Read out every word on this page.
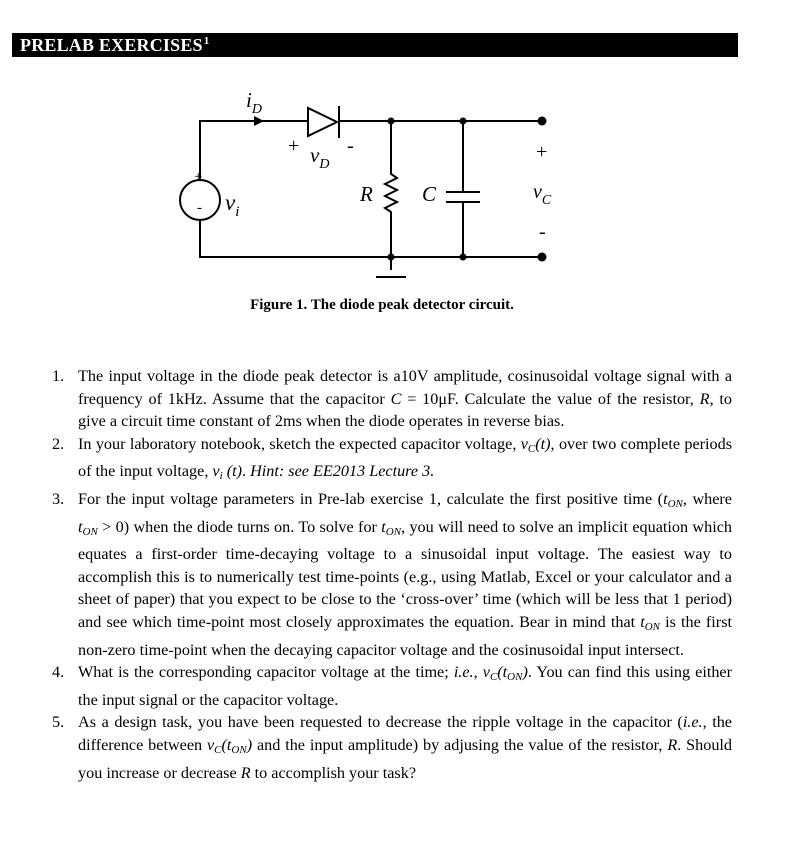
PRELAB EXERCISES$^1$
$i_D$
+ $v_D$
-
+
- $v_i$
R C
+
$v_C$
-
Figure 1. The diode peak detector circuit.
1. The input voltage in the diode peak detector is a10V amplitude, cosinusoidal voltage signal with a frequency of 1kHz. Assume that the capacitor C = 10μF. Calculate the value of the resistor, R, to give a circuit time constant of 2ms when the diode operates in reverse bias.
2. In your laboratory notebook, sketch the expected capacitor voltage, $v_C(t)$, over two complete periods of the input voltage, $v_i$ (t). Hint: see EE2013 Lecture 3.
3. For the input voltage parameters in Pre-lab exercise 1, calculate the first positive time ($t_{ON}$, where $t_{ON} > 0$) when the diode turns on. To solve for $t_{ON}$, you will need to solve an implicit equation which equates a first-order time-decaying voltage to a sinusoidal input voltage. The easiest way to accomplish this is to numerically test time-points (e.g., using Matlab, Excel or your calculator and a sheet of paper) that you expect to be close to the ‘cross-over’ time (which will be less that 1 period) and see which time-point most closely approximates the equation. Bear in mind that $t_{ON}$ is the first non-zero time-point when the decaying capacitor voltage and the cosinusoidal input intersect.
4. What is the corresponding capacitor voltage at the time; i.e., $v_C(t_{ON})$. You can find this using either the input signal or the capacitor voltage.
5. As a design task, you have been requested to decrease the ripple voltage in the capacitor (i.e., the difference between $v_C(t_{ON})$ and the input amplitude) by adjusing the value of the resistor, R. Should you increase or decrease R to accomplish your task?
